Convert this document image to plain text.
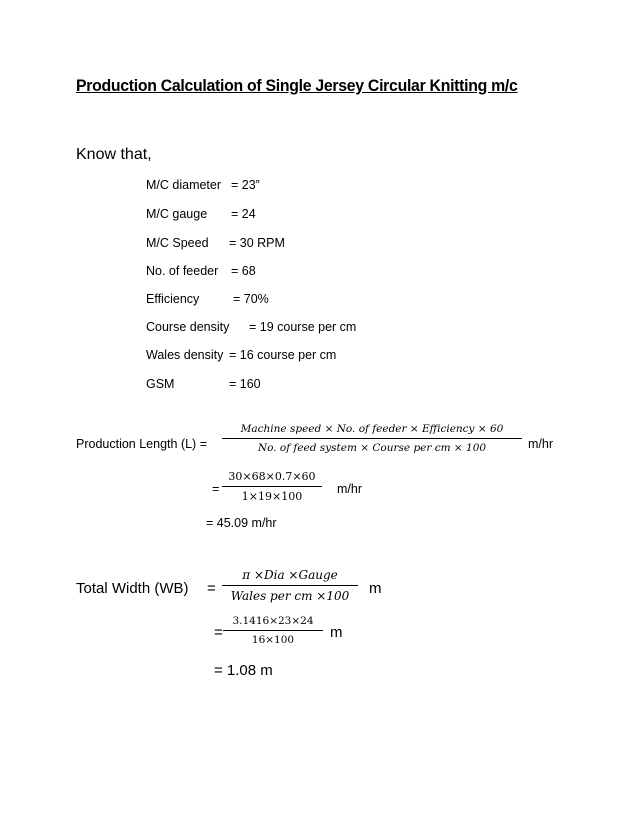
Production Calculation of Single Jersey Circular Knitting m/c
Know that,
M/C diameter = 23”
M/C gauge = 24
M/C Speed = 30 RPM
No. of feeder = 68
Efficiency	= 70%
Course density = 19 course per cm
Wales density = 16 course per cm
GSM	= 160
Production Length (L) =
Machine speed × No. of feeder × Efficiency × 60
No. of feed system × Course per cm × 100	m/hr
=
30×68×0.7×60
1×19×100
m/hr
= 45.09 m/hr
Total Width (WB) =
π ×Dia ×Gauge
Wales per cm ×100 m
=
3.1416×23×24
16×100 m
= 1.08 m
